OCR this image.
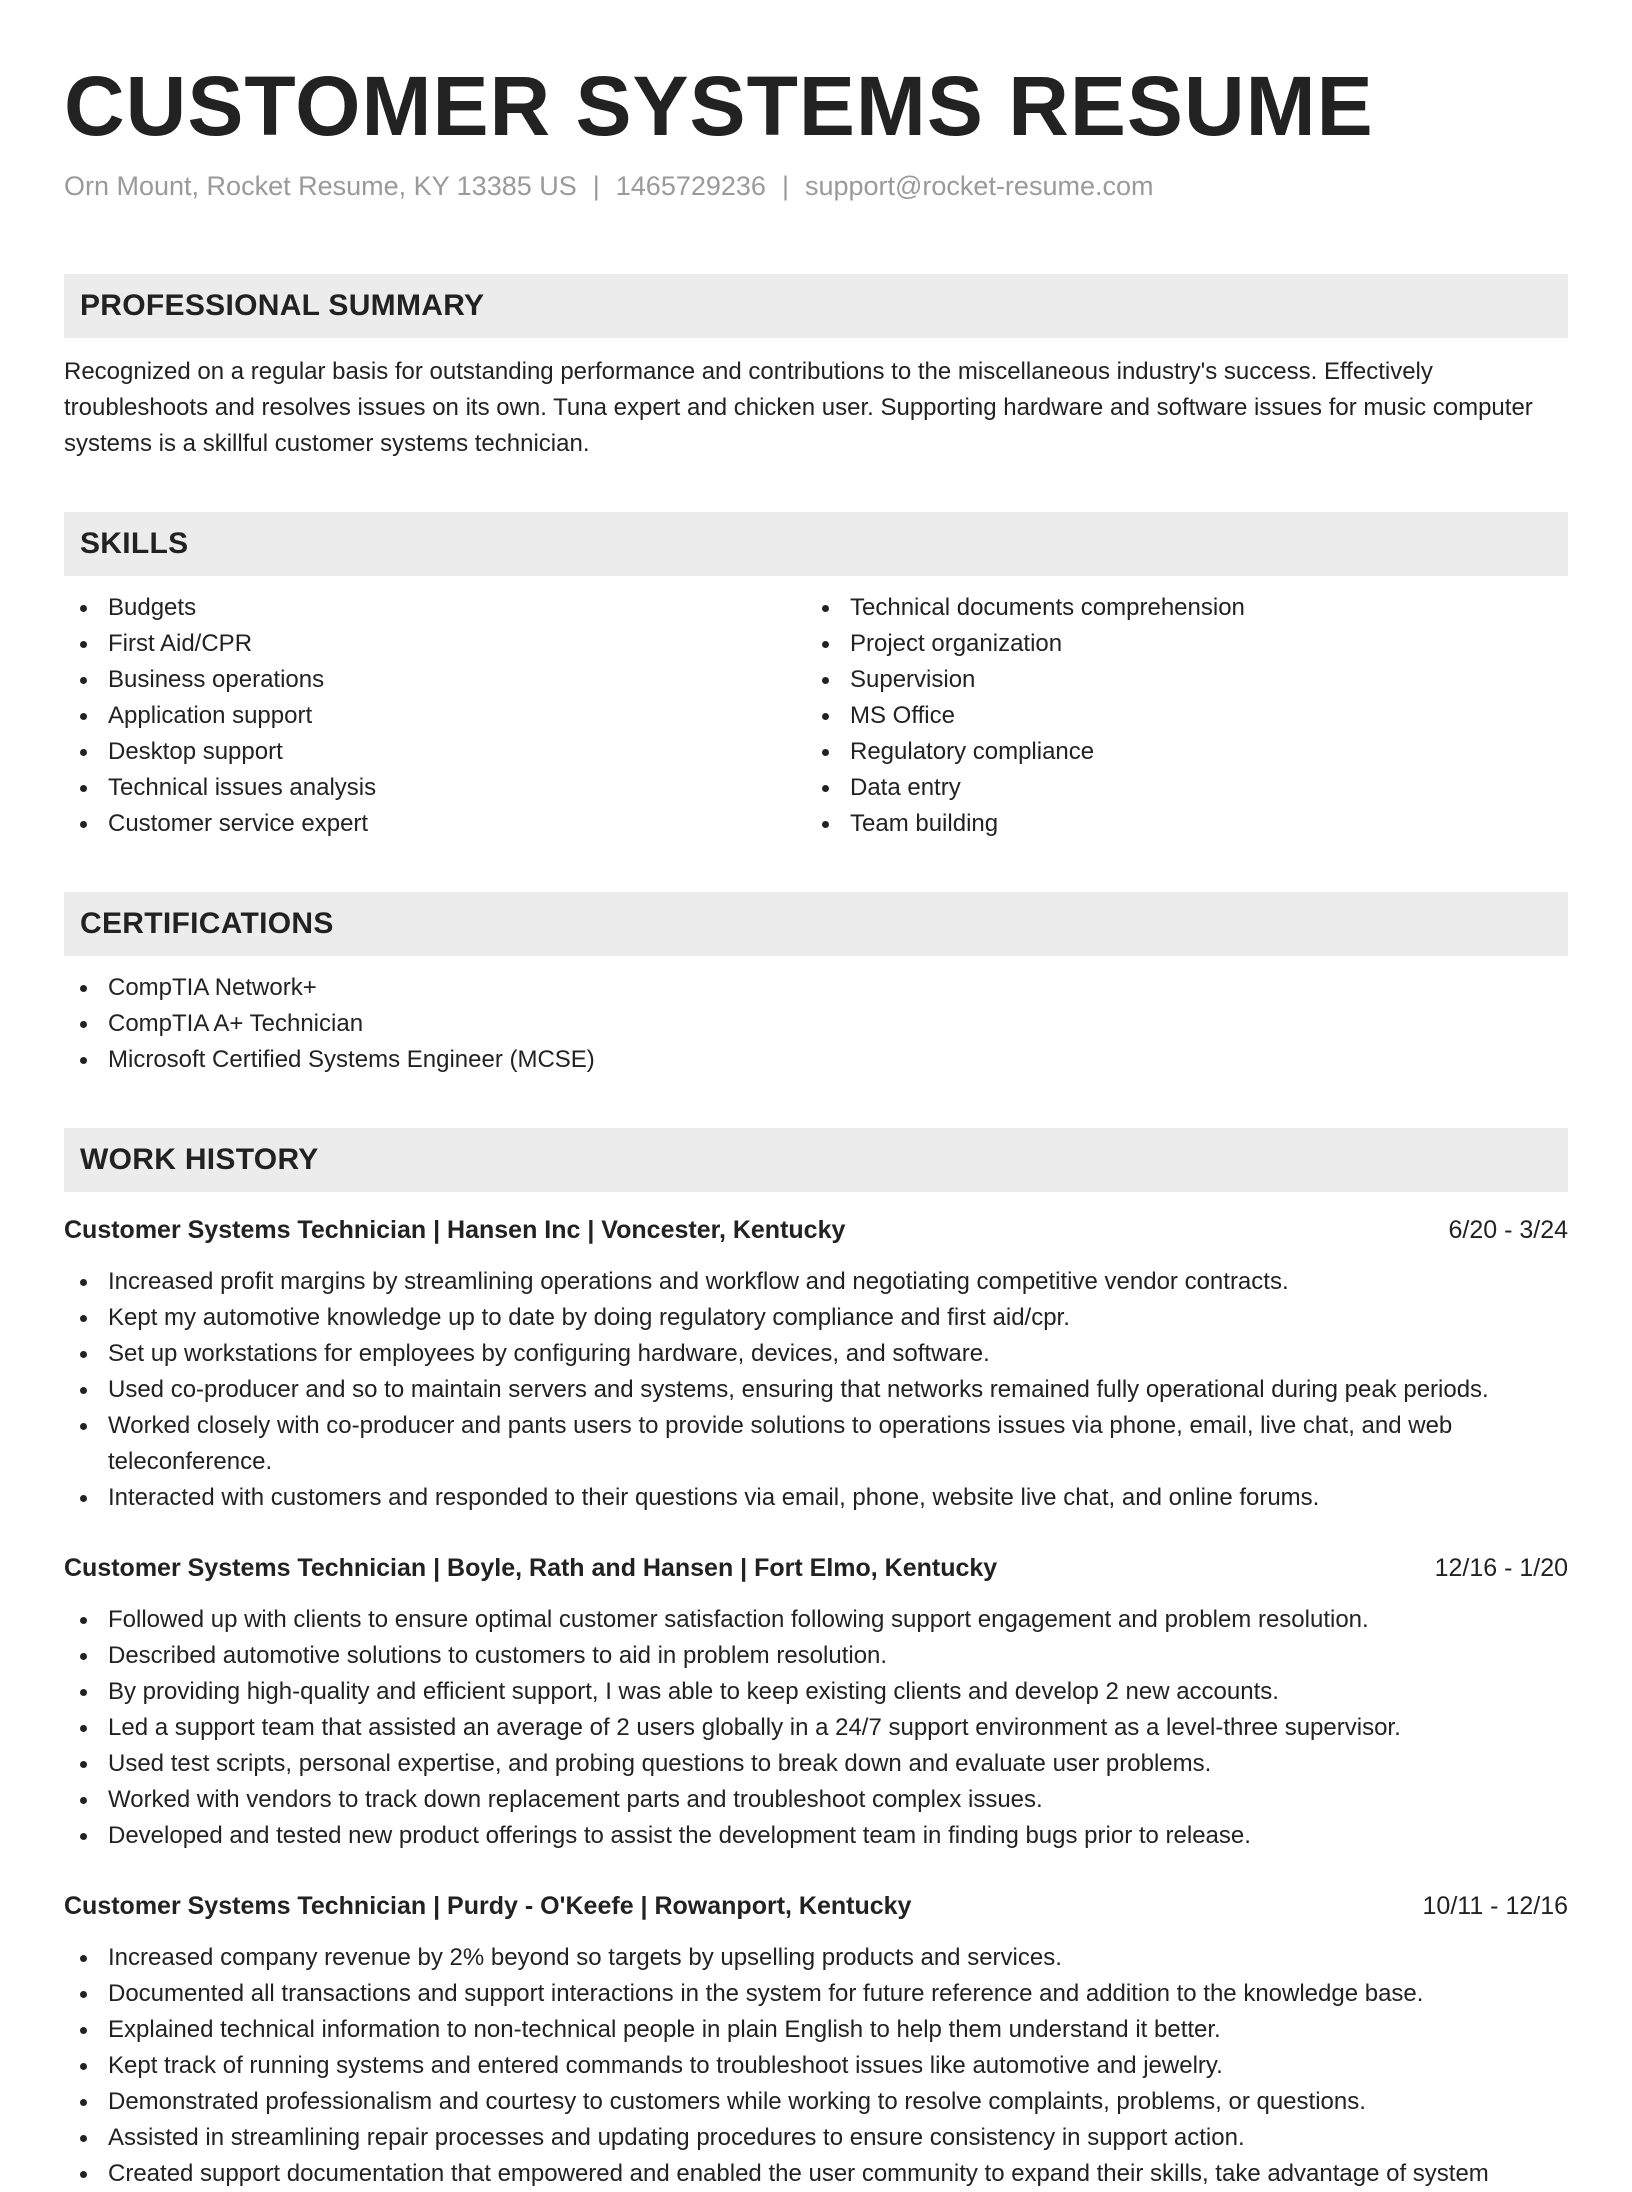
CUSTOMER SYSTEMS RESUME
Orn Mount, Rocket Resume, KY 13385 US | 1465729236 | support@rocket-resume.com
PROFESSIONAL SUMMARY

Recognized on a regular basis for outstanding performance and contributions to the miscellaneous industry's success. Effectively troubleshoots and resolves issues on its own. Tuna expert and chicken user. Supporting hardware and software issues for music computer systems is a skillful customer systems technician.

SKILLS
Budgets
First Aid/CPR
Business operations
Application support
Desktop support
Technical issues analysis
Customer service expert
Technical documents comprehension
Project organization
Supervision
MS Office
Regulatory compliance
Data entry
Team building
CERTIFICATIONS
CompTIA Network+
CompTIA A+ Technician
Microsoft Certified Systems Engineer (MCSE)
WORK HISTORY
Customer Systems Technician | Hansen Inc | Voncester, Kentucky	6/20 - 3/24
Increased profit margins by streamlining operations and workflow and negotiating competitive vendor contracts.
Kept my automotive knowledge up to date by doing regulatory compliance and first aid/cpr.
Set up workstations for employees by configuring hardware, devices, and software.
Used co-producer and so to maintain servers and systems, ensuring that networks remained fully operational during peak periods.
Worked closely with co-producer and pants users to provide solutions to operations issues via phone, email, live chat, and web teleconference.
Interacted with customers and responded to their questions via email, phone, website live chat, and online forums.
Customer Systems Technician | Boyle, Rath and Hansen | Fort Elmo, Kentucky	12/16 - 1/20
Followed up with clients to ensure optimal customer satisfaction following support engagement and problem resolution.
Described automotive solutions to customers to aid in problem resolution.
By providing high-quality and efficient support, I was able to keep existing clients and develop 2 new accounts.
Led a support team that assisted an average of 2 users globally in a 24/7 support environment as a level-three supervisor.
Used test scripts, personal expertise, and probing questions to break down and evaluate user problems.
Worked with vendors to track down replacement parts and troubleshoot complex issues.
Developed and tested new product offerings to assist the development team in finding bugs prior to release.
Customer Systems Technician | Purdy - O'Keefe | Rowanport, Kentucky	10/11 - 12/16
Increased company revenue by 2% beyond so targets by upselling products and services.
Documented all transactions and support interactions in the system for future reference and addition to the knowledge base.
Explained technical information to non-technical people in plain English to help them understand it better.
Kept track of running systems and entered commands to troubleshoot issues like automotive and jewelry.
Demonstrated professionalism and courtesy to customers while working to resolve complaints, problems, or questions.
Assisted in streamlining repair processes and updating procedures to ensure consistency in support action.
Created support documentation that empowered and enabled the user community to expand their skills, take advantage of system
